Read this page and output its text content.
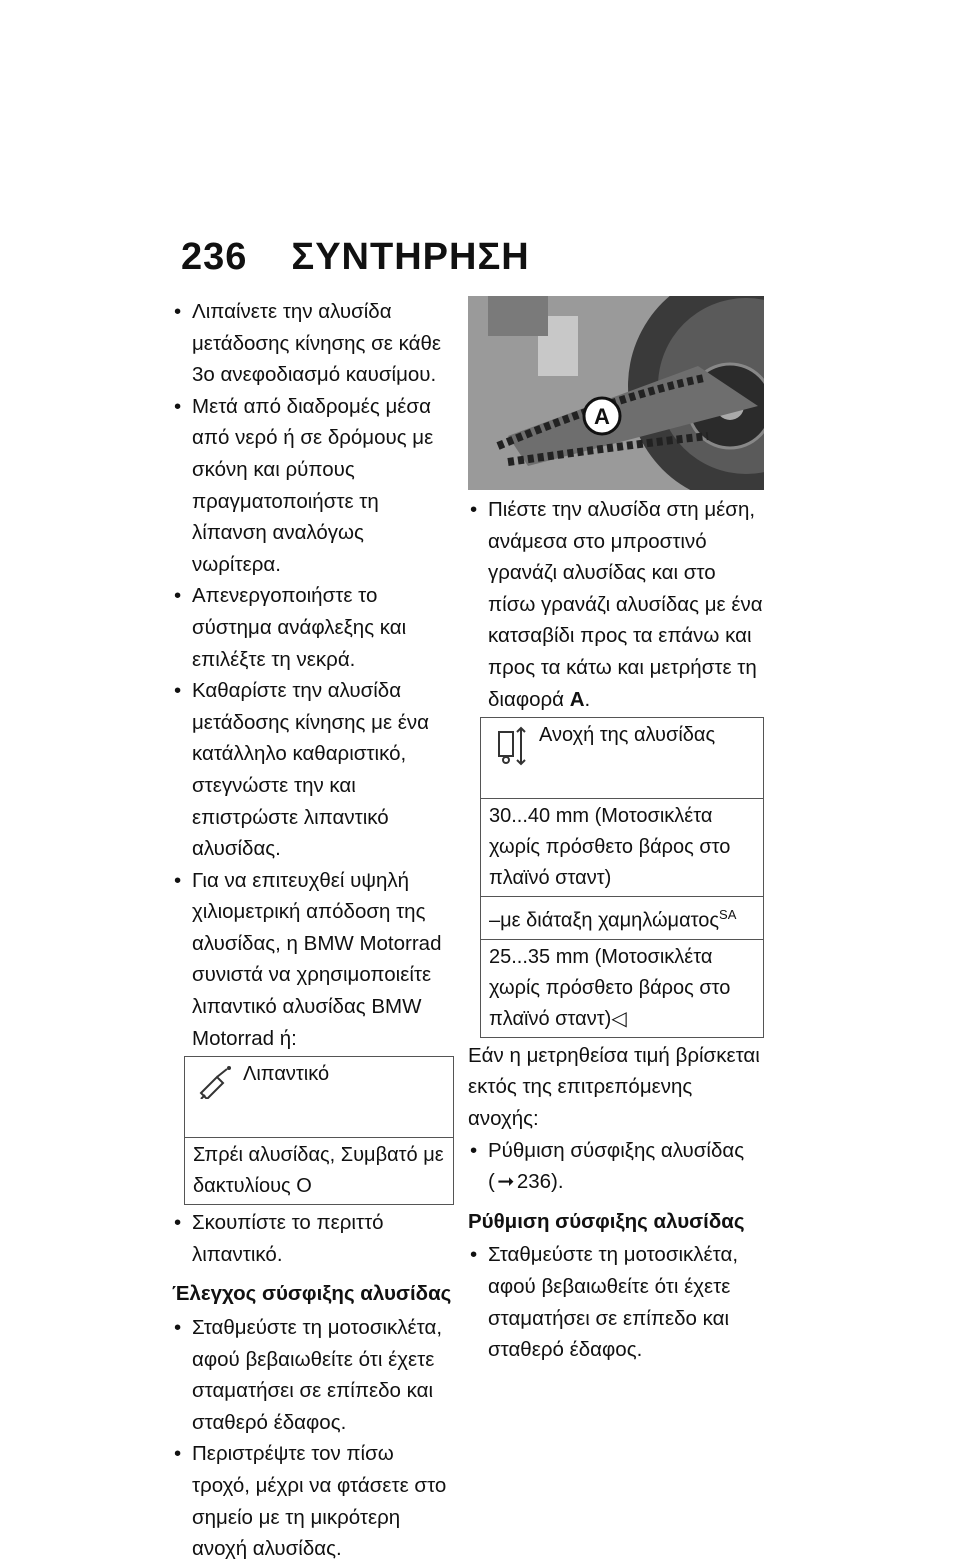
236 ΣΥΝΤΗΡΗΣΗ

• Λιπαίνετε την αλυσίδα μετάδοσης κίνησης σε κάθε 3ο ανεφοδιασμό καυσίμου.

• Μετά από διαδρομές μέσα από νερό ή σε δρόμους με σκόνη και ρύπους πραγματοποιήστε τη λίπανση αναλόγως νωρίτερα.

• Απενεργοποιήστε το σύστημα ανάφλεξης και επιλέξτε τη νεκρά.

• Καθαρίστε την αλυσίδα μετάδοσης κίνησης με ένα κατάλληλο καθαριστικό, στεγνώστε την και επιστρώστε λιπαντικό αλυσίδας.

• Για να επιτευχθεί υψηλή χιλιομετρική απόδοση της αλυσίδας, η BMW Motorrad συνιστά να χρησιμοποιείτε λιπαντικό αλυσίδας BMW Motorrad ή:

Λιπαντικό
Σπρέι αλυσίδας, Συμβατό με δακτυλίους O

• Σκουπίστε το περιττό λιπαντικό.

Έλεγχος σύσφιξης αλυσίδας

• Σταθμεύστε τη μοτοσικλέτα, αφού βεβαιωθείτε ότι έχετε σταματήσει σε επίπεδο και σταθερό έδαφος.

• Περιστρέψτε τον πίσω τροχό, μέχρι να φτάσετε στο σημείο με τη μικρότερη ανοχή αλυσίδας.

A

• Πιέστε την αλυσίδα στη μέση, ανάμεσα στο μπροστινό γρανάζι αλυσίδας και στο πίσω γρανάζι αλυσίδας με ένα κατσαβίδι προς τα επάνω και προς τα κάτω και μετρήστε τη διαφορά A.

Ανοχή της αλυσίδας
30...40 mm (Μοτοσικλέτα χωρίς πρόσθετο βάρος στο πλαϊνό σταντ)
–με διάταξη χαμηλώματος$^{SA}$
25...35 mm (Μοτοσικλέτα χωρίς πρόσθετο βάρος στο πλαϊνό σταντ)◁

Εάν η μετρηθείσα τιμή βρίσκεται εκτός της επιτρεπόμενης ανοχής:

• Ρύθμιση σύσφιξης αλυσίδας
( ➞ 236).

Ρύθμιση σύσφιξης αλυσίδας

• Σταθμεύστε τη μοτοσικλέτα, αφού βεβαιωθείτε ότι έχετε σταματήσει σε επίπεδο και σταθερό έδαφος.
